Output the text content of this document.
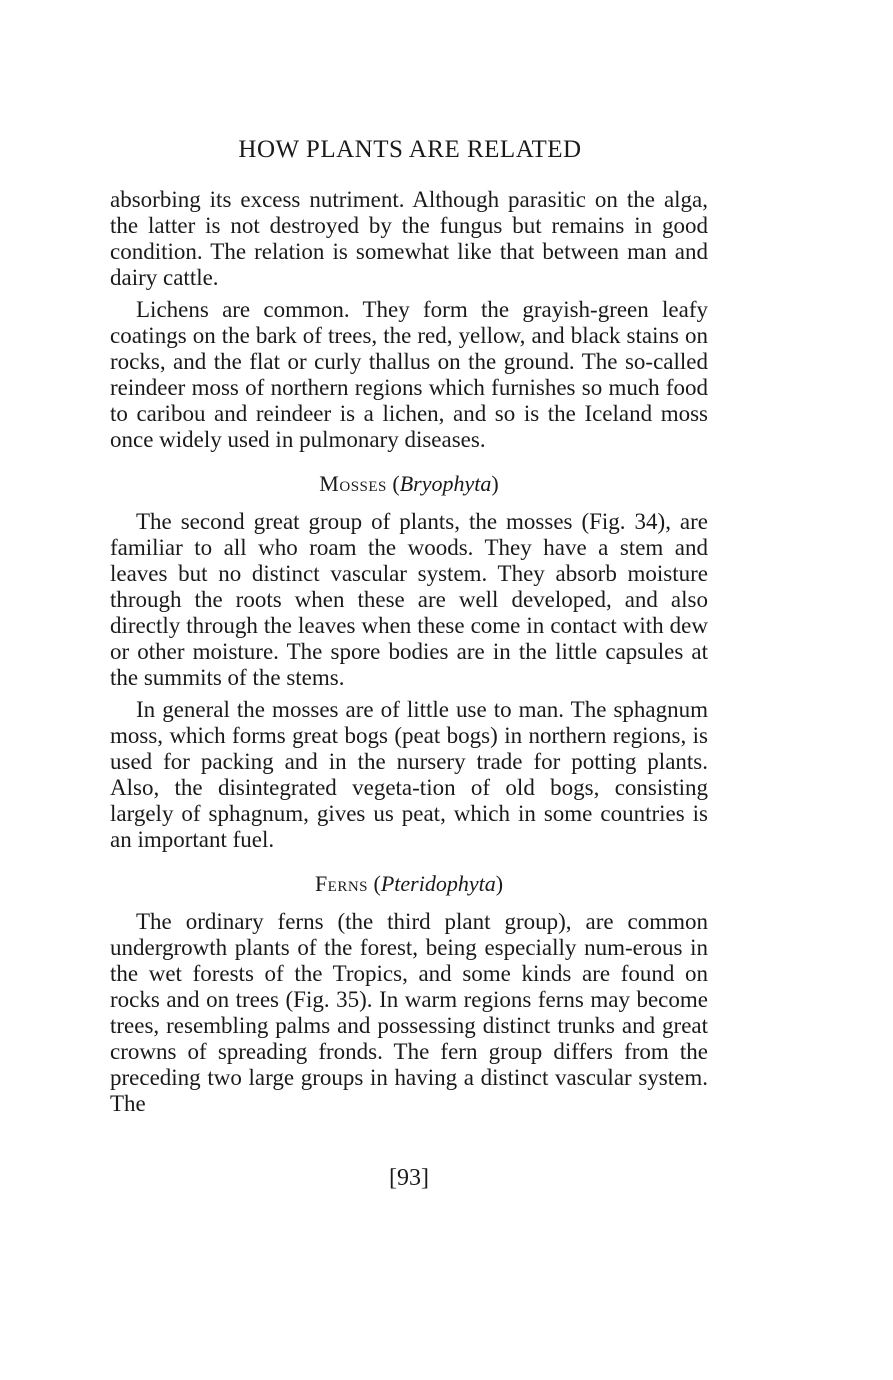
HOW PLANTS ARE RELATED

absorbing its excess nutriment. Although parasitic on the alga, the latter is not destroyed by the fungus but remains in good condition. The relation is somewhat like that between man and dairy cattle.

Lichens are common. They form the grayish-green leafy coatings on the bark of trees, the red, yellow, and black stains on rocks, and the flat or curly thallus on the ground. The so-called reindeer moss of northern regions which furnishes so much food to caribou and reindeer is a lichen, and so is the Iceland moss once widely used in pulmonary diseases.

Mosses (Bryophyta)

The second great group of plants, the mosses (Fig. 34), are familiar to all who roam the woods. They have a stem and leaves but no distinct vascular system. They absorb moisture through the roots when these are well developed, and also directly through the leaves when these come in contact with dew or other moisture. The spore bodies are in the little capsules at the summits of the stems.

In general the mosses are of little use to man. The sphagnum moss, which forms great bogs (peat bogs) in northern regions, is used for packing and in the nursery trade for potting plants. Also, the disintegrated vegeta-tion of old bogs, consisting largely of sphagnum, gives us peat, which in some countries is an important fuel.

Ferns (Pteridophyta)

The ordinary ferns (the third plant group), are common undergrowth plants of the forest, being especially num-erous in the wet forests of the Tropics, and some kinds are found on rocks and on trees (Fig. 35). In warm regions ferns may become trees, resembling palms and possessing distinct trunks and great crowns of spreading fronds. The fern group differs from the preceding two large groups in having a distinct vascular system. The

[93]
